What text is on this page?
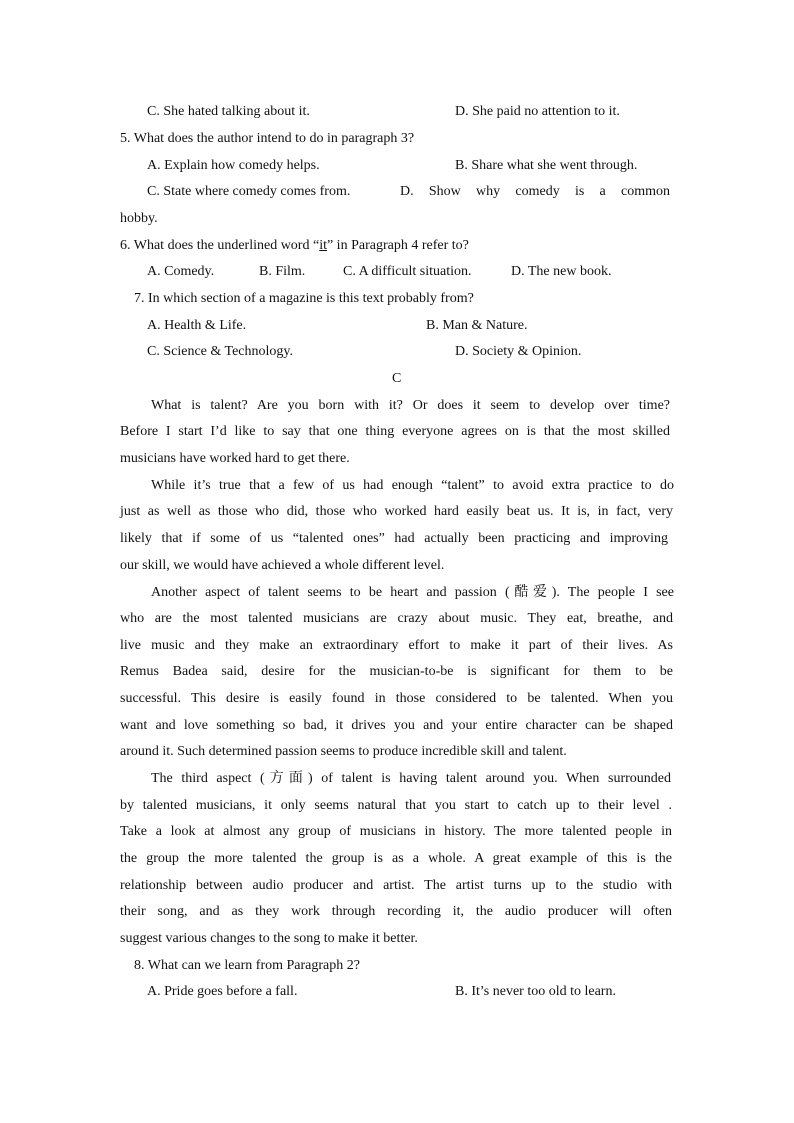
C. She hated talking about it.	D. She paid no attention to it.
5. What does the author intend to do in paragraph 3?
A. Explain how comedy helps.	B. Share what she went through.
C. State where comedy comes from.	D. Show why comedy is a common
hobby.
6. What does the underlined word “it” in Paragraph 4 refer to?
A. Comedy.	B. Film.	C. A difficult situation.	D. The new book.
7. In which section of a magazine is this text probably from?
A. Health & Life.	B. Man & Nature.
C. Science & Technology.	D. Society & Opinion.
C
What is talent? Are you born with it? Or does it seem to develop over time?
Before I start I’d like to say that one thing everyone agrees on is that the most skilled
musicians have worked hard to get there.
While it’s true that a few of us had enough “talent” to avoid extra practice to do
just as well as those who did, those who worked hard easily beat us. It is, in fact, very
likely that if some of us “talented ones” had actually been practicing and improving
our skill, we would have achieved a whole different level.
Another aspect of talent seems to be heart and passion (酷爱). The people I see
who are the most talented musicians are crazy about music. They eat, breathe, and
live music and they make an extraordinary effort to make it part of their lives. As
Remus Badea said, desire for the musician-to-be is significant for them to be
successful. This desire is easily found in those considered to be talented. When you
want and love something so bad, it drives you and your entire character can be shaped
around it. Such determined passion seems to produce incredible skill and talent.
The third aspect (方面) of talent is having talent around you. When surrounded
by talented musicians, it only seems natural that you start to catch up to their level .
Take a look at almost any group of musicians in history. The more talented people in
the group the more talented the group is as a whole. A great example of this is the
relationship between audio producer and artist. The artist turns up to the studio with
their song, and as they work through recording it, the audio producer will often
suggest various changes to the song to make it better.
8. What can we learn from Paragraph 2?
A. Pride goes before a fall.	B. It’s never too old to learn.
